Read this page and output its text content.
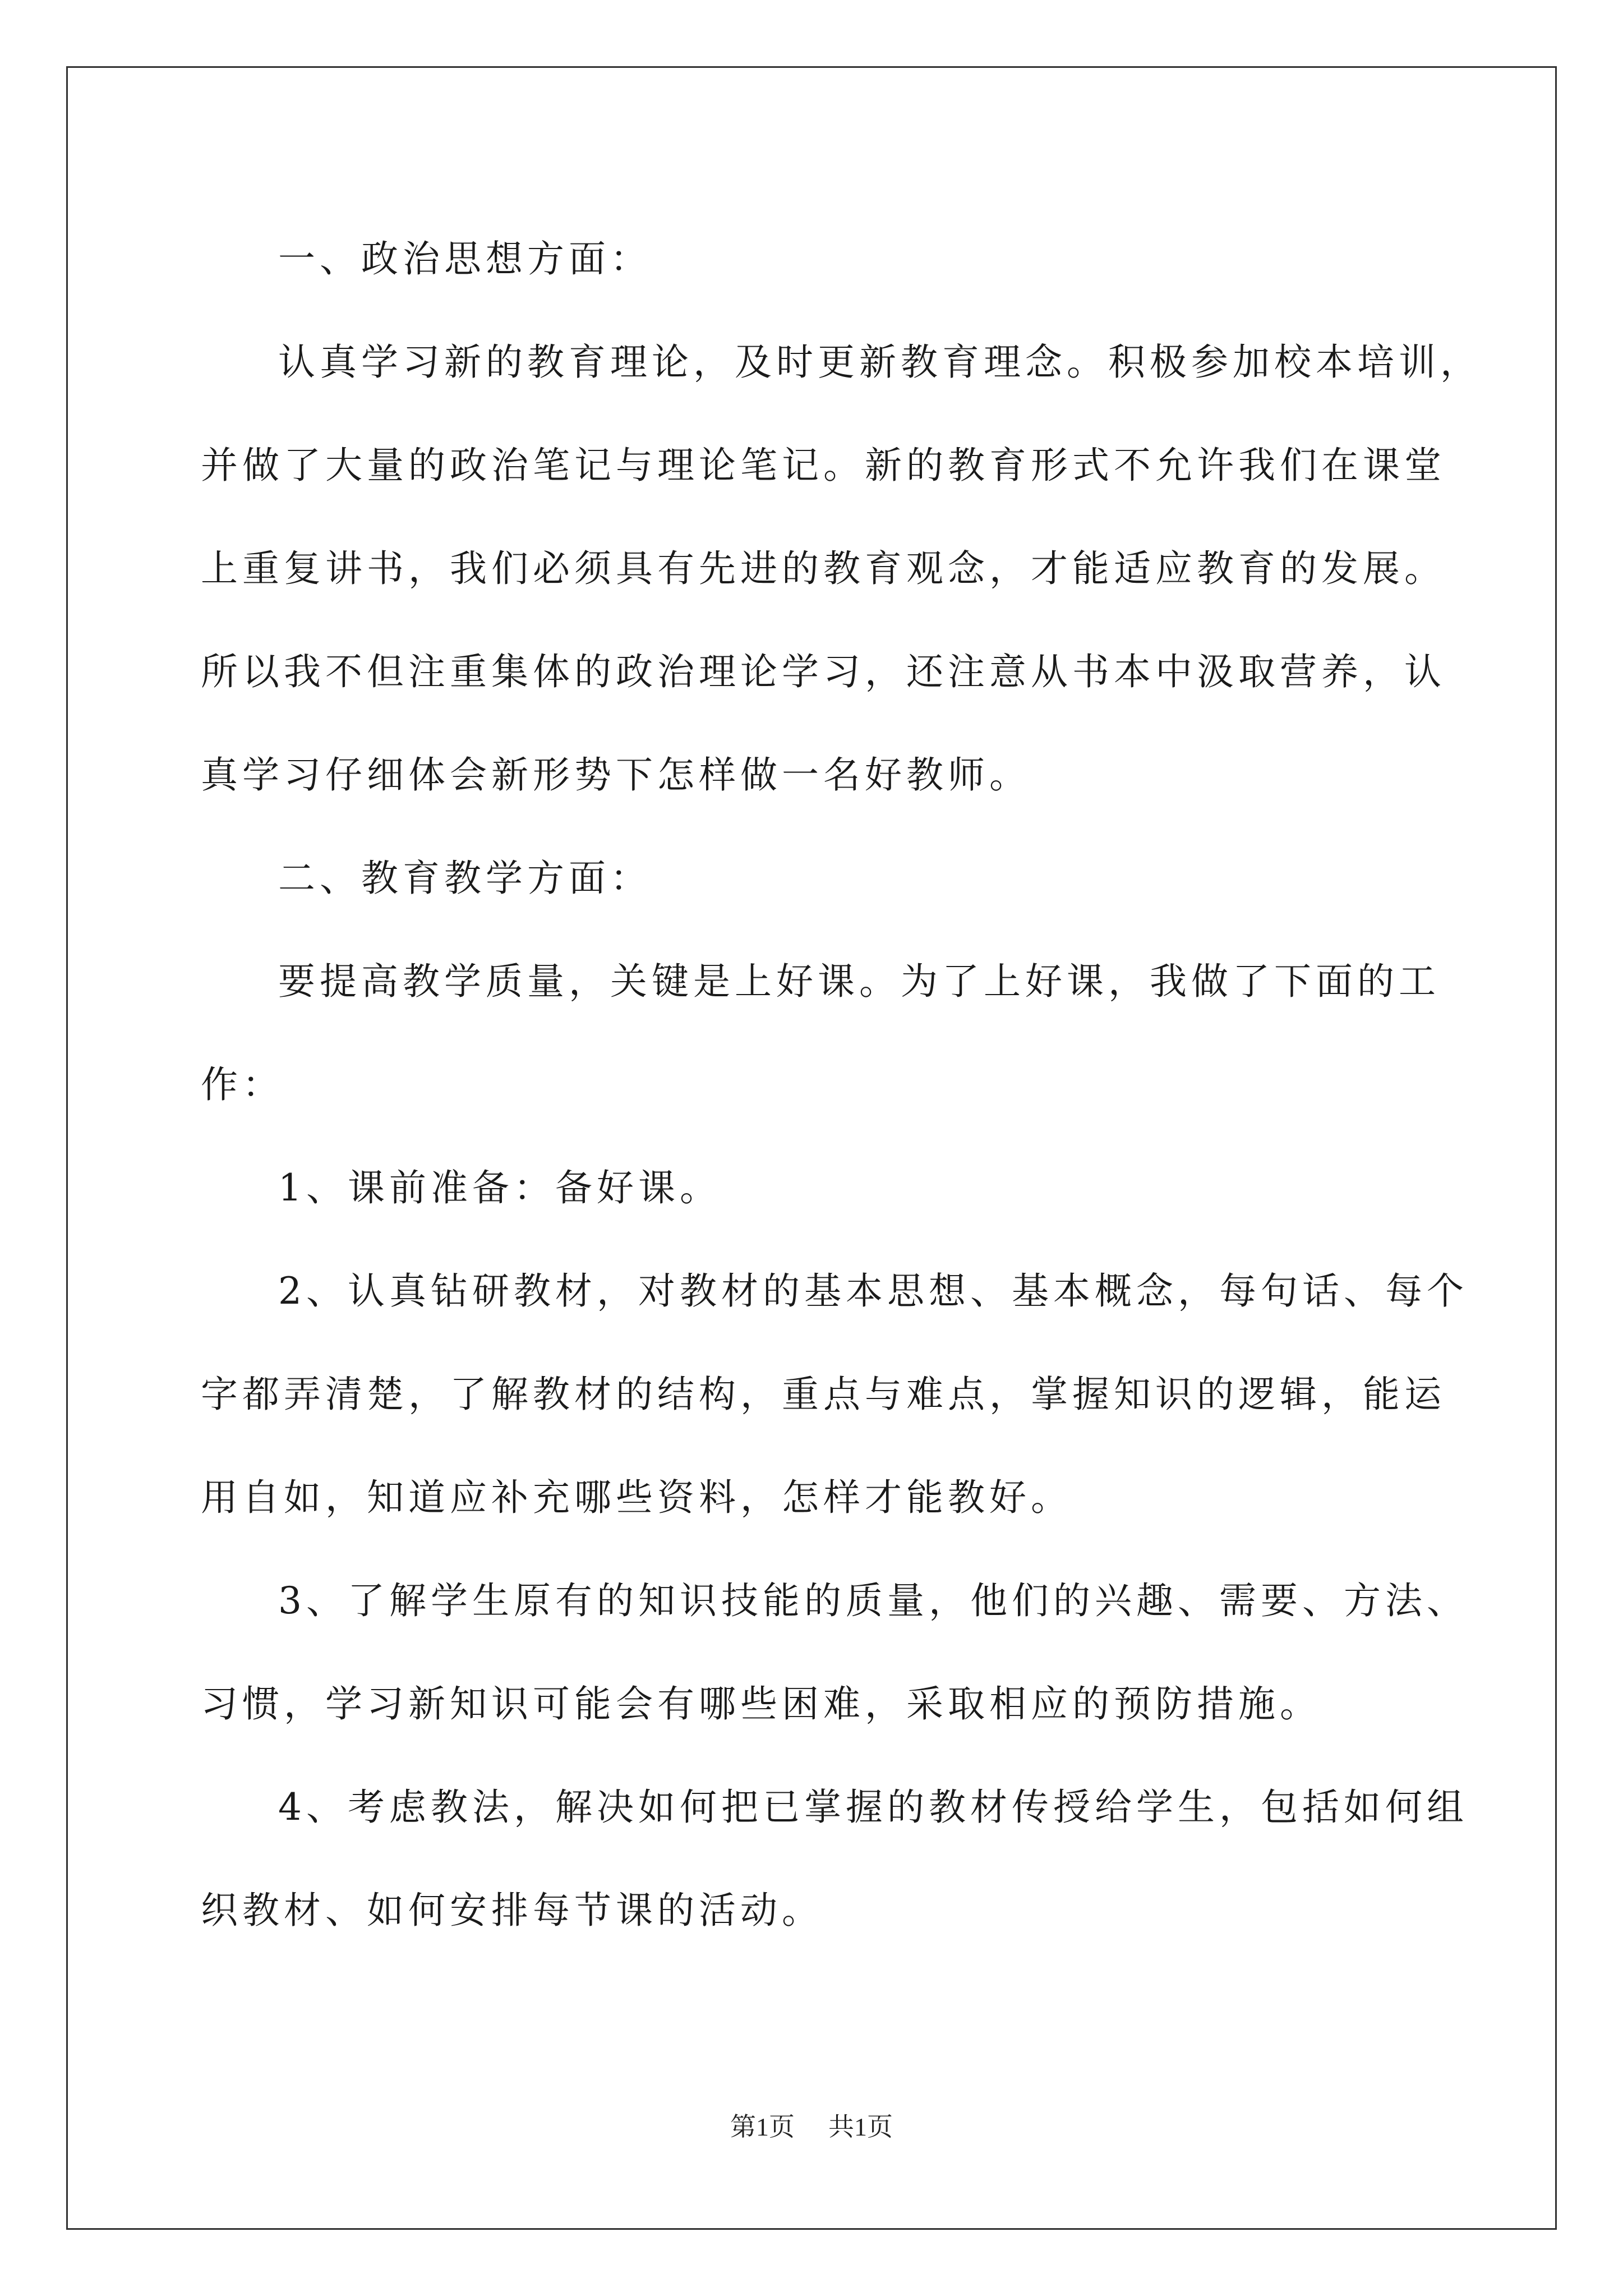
一、政治思想方面：
认真学习新的教育理论，及时更新教育理念。积极参加校本培训，
并做了大量的政治笔记与理论笔记。新的教育形式不允许我们在课堂
上重复讲书，我们必须具有先进的教育观念，才能适应教育的发展。
所以我不但注重集体的政治理论学习，还注意从书本中汲取营养，认
真学习仔细体会新形势下怎样做一名好教师。
二、教育教学方面：
要提高教学质量，关键是上好课。为了上好课，我做了下面的工
作：
1、课前准备：备好课。
2、认真钻研教材，对教材的基本思想、基本概念，每句话、每个
字都弄清楚，了解教材的结构，重点与难点，掌握知识的逻辑，能运
用自如，知道应补充哪些资料，怎样才能教好。
3、了解学生原有的知识技能的质量，他们的兴趣、需要、方法、
习惯，学习新知识可能会有哪些困难，采取相应的预防措施。
4、考虑教法，解决如何把已掌握的教材传授给学生，包括如何组
织教材、如何安排每节课的活动。
第1页 共1页
